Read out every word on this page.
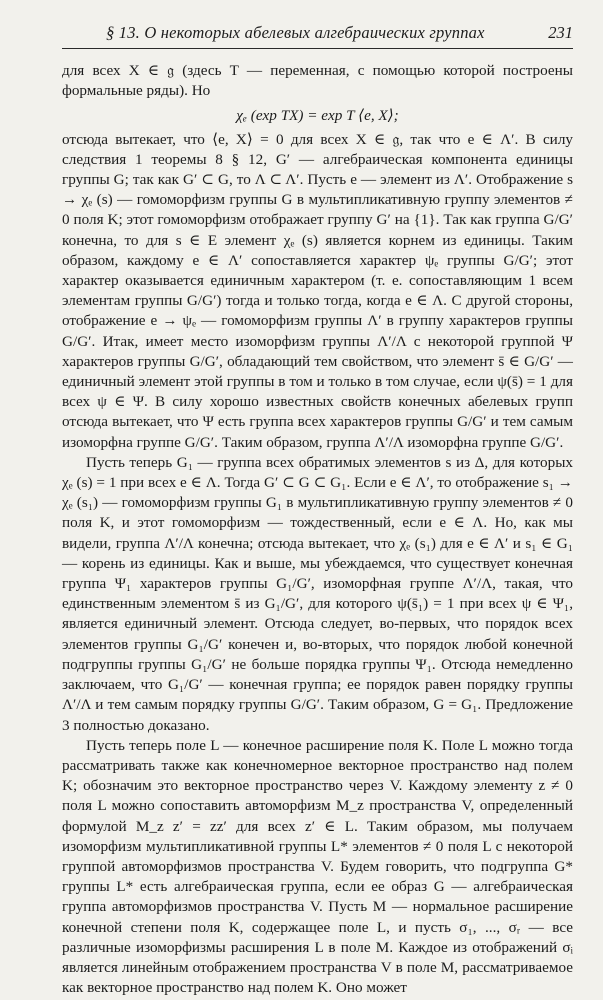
§ 13. О некоторых абелевых алгебраических группах	231

для всех X ∈ 𝔤 (здесь T — переменная, с помощью которой построены формальные ряды). Но

χₑ (exp TX) = exp T ⟨e, X⟩;

отсюда вытекает, что ⟨e, X⟩ = 0 для всех X ∈ 𝔤, так что e ∈ Λ′. В силу следствия 1 теоремы 8 § 12, G′ — алгебраическая компонента единицы группы G; так как G′ ⊂ G, то Λ ⊂ Λ′. Пусть e — элемент из Λ′. Отображение s → χₑ (s) — гомоморфизм группы G в мультипликативную группу элементов ≠ 0 поля K; этот гомоморфизм отображает группу G′ на {1}. Так как группа G/G′ конечна, то для s ∈ E элемент χₑ (s) является корнем из единицы. Таким образом, каждому e ∈ Λ′ сопоставляется характер ψₑ группы G/G′; этот характер оказывается единичным характером (т. е. сопоставляющим 1 всем элементам группы G/G′) тогда и только тогда, когда e ∈ Λ. С другой стороны, отображение e → ψₑ — гомоморфизм группы Λ′ в группу характеров группы G/G′. Итак, имеет место изоморфизм группы Λ′/Λ с некоторой группой Ψ характеров группы G/G′, обладающий тем свойством, что элемент s̄ ∈ G/G′ — единичный элемент этой группы в том и только в том случае, если ψ(s̄) = 1 для всех ψ ∈ Ψ. В силу хорошо известных свойств конечных абелевых групп отсюда вытекает, что Ψ есть группа всех характеров группы G/G′ и тем самым изоморфна группе G/G′. Таким образом, группа Λ′/Λ изоморфна группе G/G′.

Пусть теперь G₁ — группа всех обратимых элементов s из Δ, для которых χₑ (s) = 1 при всех e ∈ Λ. Тогда G′ ⊂ G ⊂ G₁. Если e ∈ Λ′, то отображение s₁ → χₑ (s₁) — гомоморфизм группы G₁ в мультипликативную группу элементов ≠ 0 поля K, и этот гомоморфизм — тождественный, если e ∈ Λ. Но, как мы видели, группа Λ′/Λ конечна; отсюда вытекает, что χₑ (s₁) для e ∈ Λ′ и s₁ ∈ G₁ — корень из единицы. Как и выше, мы убеждаемся, что существует конечная группа Ψ₁ характеров группы G₁/G′, изоморфная группе Λ′/Λ, такая, что единственным элементом s̄ из G₁/G′, для которого ψ(s̄₁) = 1 при всех ψ ∈ Ψ₁, является единичный элемент. Отсюда следует, во-первых, что порядок всех элементов группы G₁/G′ конечен и, во-вторых, что порядок любой конечной подгруппы группы G₁/G′ не больше порядка группы Ψ₁. Отсюда немедленно заключаем, что G₁/G′ — конечная группа; ее порядок равен порядку группы Λ′/Λ и тем самым порядку группы G/G′. Таким образом, G = G₁. Предложение 3 полностью доказано.

Пусть теперь поле L — конечное расширение поля K. Поле L можно тогда рассматривать также как конечномерное векторное пространство над полем K; обозначим это векторное пространство через V. Каждому элементу z ≠ 0 поля L можно сопоставить автоморфизм M_z пространства V, определенный формулой M_z z′ = zz′ для всех z′ ∈ L. Таким образом, мы получаем изоморфизм мультипликативной группы L* элементов ≠ 0 поля L с некоторой группой автоморфизмов пространства V. Будем говорить, что подгруппа G* группы L* есть алгебраическая группа, если ее образ G — алгебраическая группа автоморфизмов пространства V. Пусть M — нормальное расширение конечной степени поля K, содержащее поле L, и пусть σ₁, ..., σᵣ — все различные изоморфизмы расширения L в поле M. Каждое из отображений σᵢ является линейным отображением пространства V в поле M, рассматриваемое как векторное пространство над полем K. Оно может
